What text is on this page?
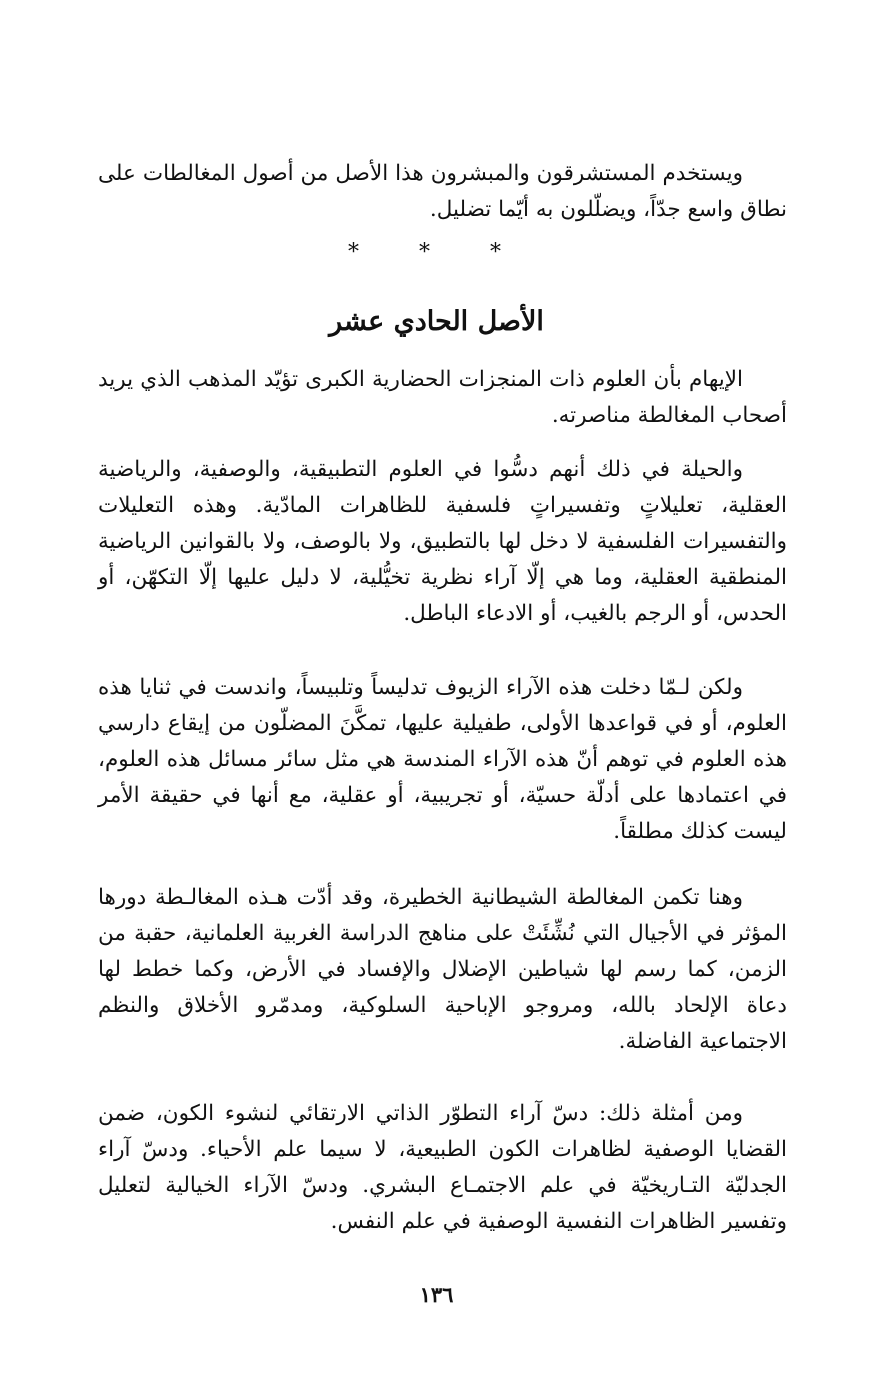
ويستخدم المستشرقون والمبشرون هذا الأصل من أصول المغالطات على نطاق واسع جدّاً، ويضلّلون به أيّما تضليل.

* * *
الأصل الحادي عشر

الإيهام بأن العلوم ذات المنجزات الحضارية الكبرى تؤيّد المذهب الذي يريد أصحاب المغالطة مناصرته.

والحيلة في ذلك أنهم دسُّوا في العلوم التطبيقية، والوصفية، والرياضية العقلية، تعليلاتٍ وتفسيراتٍ فلسفية للظاهرات المادّية. وهذه التعليلات والتفسيرات الفلسفية لا دخل لها بالتطبيق، ولا بالوصف، ولا بالقوانين الرياضية المنطقية العقلية، وما هي إلّا آراء نظرية تخيُّلية، لا دليل عليها إلّا التكهّن، أو الحدس، أو الرجم بالغيب، أو الادعاء الباطل.

ولكن لـمّا دخلت هذه الآراء الزيوف تدليساً وتلبيساً، واندست في ثنايا هذه العلوم، أو في قواعدها الأولى، طفيلية عليها، تمكَّنَ المضلّون من إيقاع دارسي هذه العلوم في توهم أنّ هذه الآراء المندسة هي مثل سائر مسائل هذه العلوم، في اعتمادها على أدلّة حسيّة، أو تجريبية، أو عقلية، مع أنها في حقيقة الأمر ليست كذلك مطلقاً.

وهنا تكمن المغالطة الشيطانية الخطيرة، وقد أدّت هـذه المغالـطة دورها المؤثر في الأجيال التي نُشِّئَتْ على مناهج الدراسة الغربية العلمانية، حقبة من الزمن، كما رسم لها شياطين الإضلال والإفساد في الأرض، وكما خطط لها دعاة الإلحاد بالله، ومروجو الإباحية السلوكية، ومدمّرو الأخلاق والنظم الاجتماعية الفاضلة.

ومن أمثلة ذلك: دسّ آراء التطوّر الذاتي الارتقائي لنشوء الكون، ضمن القضايا الوصفية لظاهرات الكون الطبيعية، لا سيما علم الأحياء. ودسّ آراء الجدليّة التـاريخيّة في علم الاجتمـاع البشري. ودسّ الآراء الخيالية لتعليل وتفسير الظاهرات النفسية الوصفية في علم النفس.

١٣٦
